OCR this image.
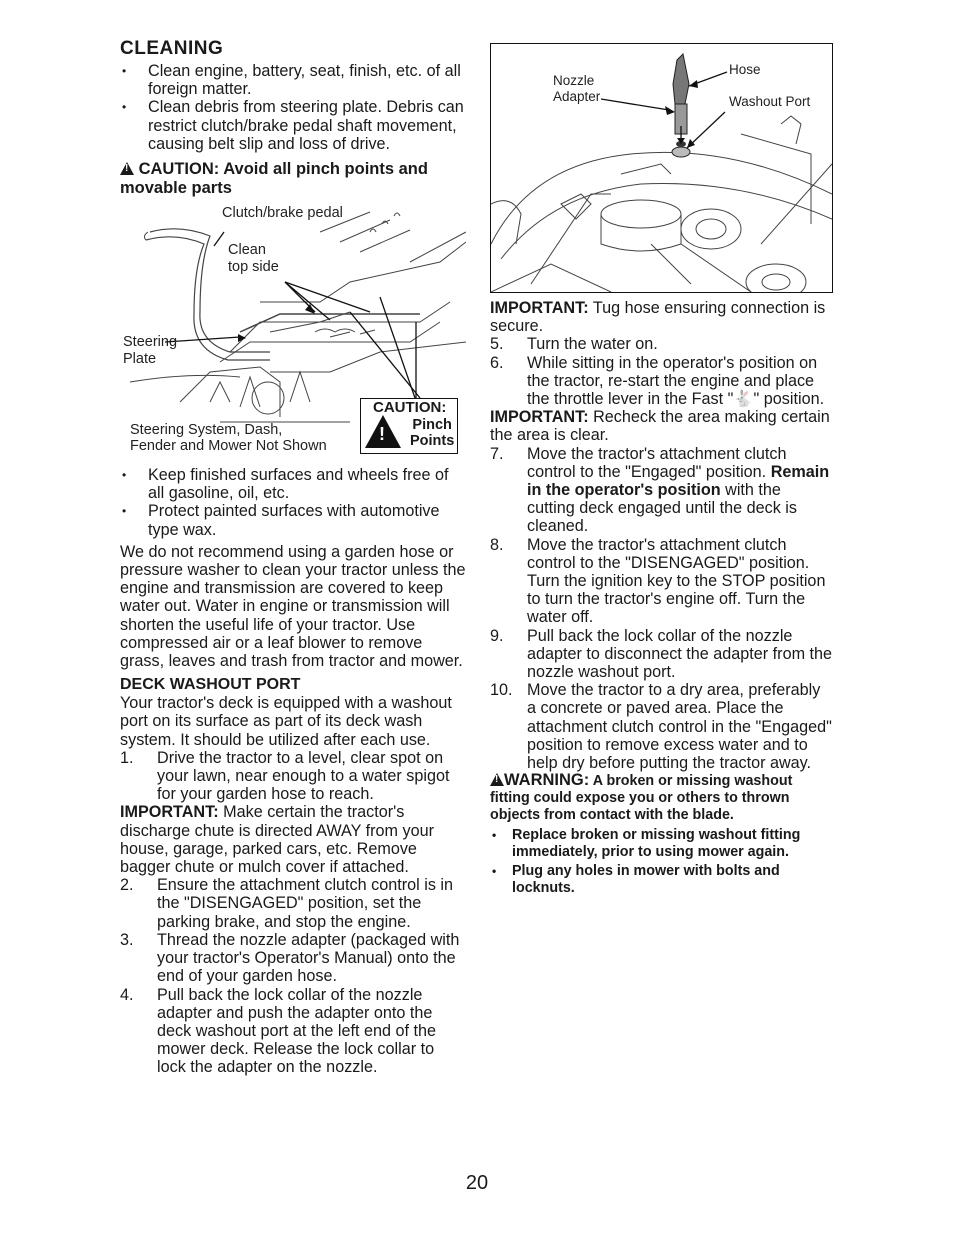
CLEANING
• Clean engine, battery, seat, finish, etc. of all foreign matter.
• Clean debris from steering plate. Debris can restrict clutch/brake pedal shaft movement, causing belt slip and loss of drive.
! CAUTION: Avoid all pinch points and movable parts
Clutch/brake pedal
Clean
top side
Steering
Plate
Steering System, Dash,
Fender and Mower Not Shown
CAUTION:
! Pinch
Points
• Keep finished surfaces and wheels free of all gasoline, oil, etc.
• Protect painted surfaces with automotive type wax.

We do not recommend using a garden hose or pressure washer to clean your tractor unless the engine and transmission are covered to keep water out. Water in engine or transmission will shorten the useful life of your tractor. Use compressed air or a leaf blower to remove grass, leaves and trash from tractor and mower.

DECK WASHOUT PORT

Your tractor's deck is equipped with a washout port on its surface as part of its deck wash system. It should be utilized after each use.

1. Drive the tractor to a level, clear spot on your lawn, near enough to a water spigot for your garden hose to reach.

IMPORTANT: Make certain the tractor's discharge chute is directed AWAY from your house, garage, parked cars, etc. Remove bagger chute or mulch cover if attached.

2. Ensure the attachment clutch control is in the "DISENGAGED" position, set the parking brake, and stop the engine.
3. Thread the nozzle adapter (packaged with your tractor's Operator's Manual) onto the end of your garden hose.
4. Pull back the lock collar of the nozzle adapter and push the adapter onto the deck washout port at the left end of the mower deck. Release the lock collar to lock the adapter on the nozzle.
Hose
Nozzle
Adapter	Washout Port

IMPORTANT: Tug hose ensuring connection is secure.

5. Turn the water on.
6. While sitting in the operator's position on the tractor, re-start the engine and place the throttle lever in the Fast "🐇" position.

IMPORTANT: Recheck the area making certain the area is clear.

7. Move the tractor's attachment clutch control to the "Engaged" position. Remain in the operator's position with the cutting deck engaged until the deck is cleaned.
8. Move the tractor's attachment clutch control to the "DISENGAGED" position. Turn the ignition key to the STOP position to turn the tractor's engine off. Turn the water off.
9. Pull back the lock collar of the nozzle adapter to disconnect the adapter from the nozzle washout port.
10. Move the tractor to a dry area, preferably a concrete or paved area. Place the attachment clutch control in the "Engaged" position to remove excess water and to help dry before putting the tractor away.

!WARNING: A broken or missing washout fitting could expose you or others to thrown objects from contact with the blade.

• Replace broken or missing washout fitting immediately, prior to using mower again.
• Plug any holes in mower with bolts and locknuts.
20
